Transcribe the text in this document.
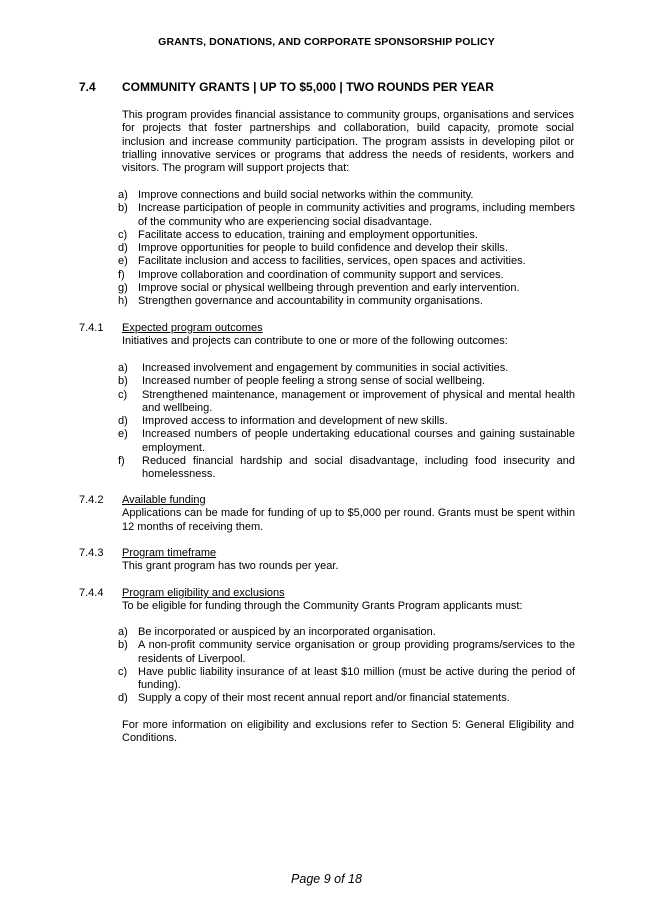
GRANTS, DONATIONS, AND CORPORATE SPONSORSHIP POLICY
7.4 COMMUNITY GRANTS | UP TO $5,000 | TWO ROUNDS PER YEAR
This program provides financial assistance to community groups, organisations and services for projects that foster partnerships and collaboration, build capacity, promote social inclusion and increase community participation. The program assists in developing pilot or trialling innovative services or programs that address the needs of residents, workers and visitors. The program will support projects that:
a) Improve connections and build social networks within the community.
b) Increase participation of people in community activities and programs, including members of the community who are experiencing social disadvantage.
c) Facilitate access to education, training and employment opportunities.
d) Improve opportunities for people to build confidence and develop their skills.
e) Facilitate inclusion and access to facilities, services, open spaces and activities.
f) Improve collaboration and coordination of community support and services.
g) Improve social or physical wellbeing through prevention and early intervention.
h) Strengthen governance and accountability in community organisations.
7.4.1 Expected program outcomes
Initiatives and projects can contribute to one or more of the following outcomes:
a) Increased involvement and engagement by communities in social activities.
b) Increased number of people feeling a strong sense of social wellbeing.
c) Strengthened maintenance, management or improvement of physical and mental health and wellbeing.
d) Improved access to information and development of new skills.
e) Increased numbers of people undertaking educational courses and gaining sustainable employment.
f) Reduced financial hardship and social disadvantage, including food insecurity and homelessness.
7.4.2 Available funding
Applications can be made for funding of up to $5,000 per round. Grants must be spent within 12 months of receiving them.
7.4.3 Program timeframe
This grant program has two rounds per year.
7.4.4 Program eligibility and exclusions
To be eligible for funding through the Community Grants Program applicants must:
a) Be incorporated or auspiced by an incorporated organisation.
b) A non-profit community service organisation or group providing programs/services to the residents of Liverpool.
c) Have public liability insurance of at least $10 million (must be active during the period of funding).
d) Supply a copy of their most recent annual report and/or financial statements.
For more information on eligibility and exclusions refer to Section 5: General Eligibility and Conditions.
Page 9 of 18
